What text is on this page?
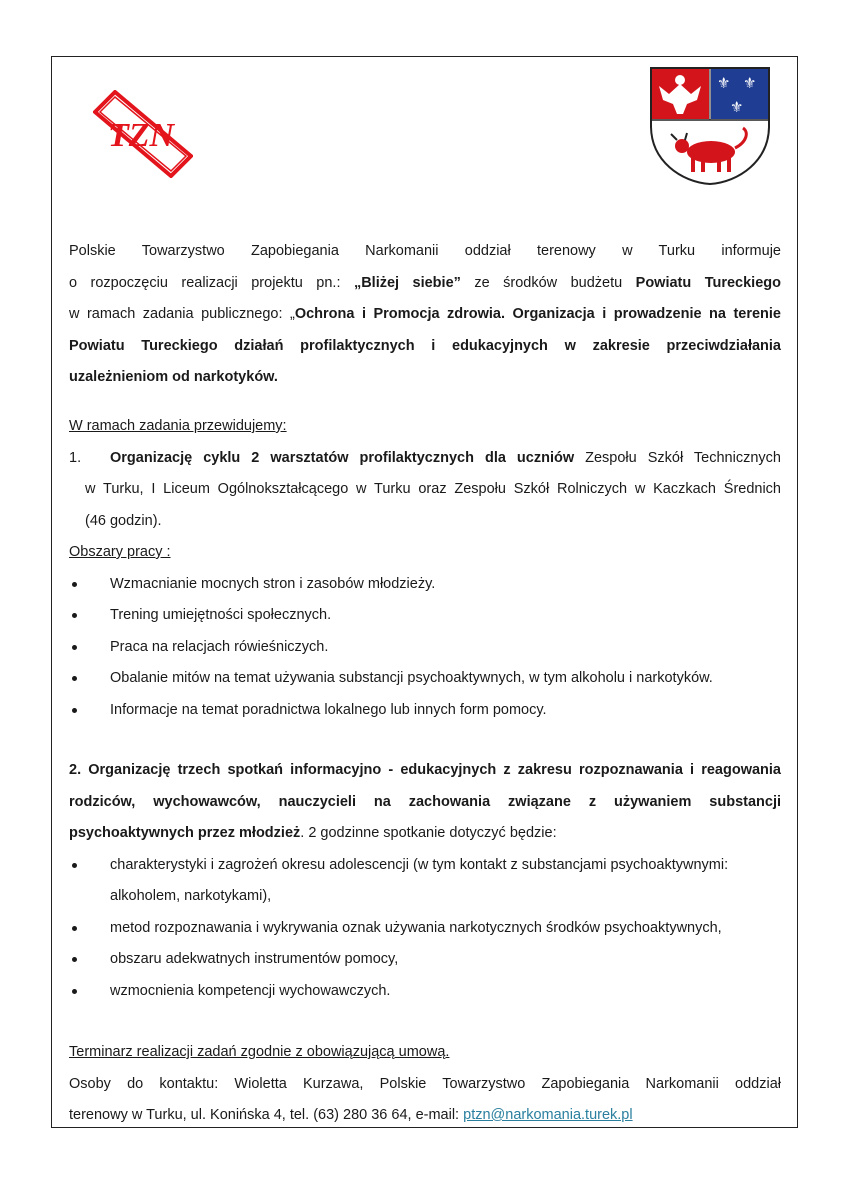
TZN
⚜ ⚜
⚜
Polskie Towarzystwo Zapobiegania Narkomanii oddział terenowy w Turku informuje
o rozpoczęciu realizacji projektu pn.: „Bliżej siebie” ze środków budżetu Powiatu Tureckiego
w ramach zadania publicznego: „Ochrona i Promocja zdrowia. Organizacja i prowadzenie na terenie
Powiatu Tureckiego działań profilaktycznych i edukacyjnych w zakresie przeciwdziałania
uzależnieniom od narkotyków.
W ramach zadania przewidujemy:
1. Organizację cyklu 2 warsztatów profilaktycznych dla uczniów Zespołu Szkół Technicznych
w Turku, I Liceum Ogólnokształcącego w Turku oraz Zespołu Szkół Rolniczych w Kaczkach Średnich
(46 godzin).
Obszary pracy :
Wzmacnianie mocnych stron i zasobów młodzieży.
Trening umiejętności społecznych.
Praca na relacjach rówieśniczych.
Obalanie mitów na temat używania substancji psychoaktywnych, w tym alkoholu i narkotyków.
Informacje na temat poradnictwa lokalnego lub innych form pomocy.
2. Organizację trzech spotkań informacyjno - edukacyjnych z zakresu rozpoznawania i reagowania
rodziców, wychowawców, nauczycieli na zachowania związane z używaniem substancji
psychoaktywnych przez młodzież. 2 godzinne spotkanie dotyczyć będzie:
charakterystyki i zagrożeń okresu adolescencji (w tym kontakt z substancjami psychoaktywnymi:
alkoholem, narkotykami),
metod rozpoznawania i wykrywania oznak używania narkotycznych środków psychoaktywnych,
obszaru adekwatnych instrumentów pomocy,
wzmocnienia kompetencji wychowawczych.
Terminarz realizacji zadań zgodnie z obowiązującą umową.
Osoby do kontaktu: Wioletta Kurzawa, Polskie Towarzystwo Zapobiegania Narkomanii oddział
terenowy w Turku, ul. Konińska 4, tel. (63) 280 36 64, e-mail: ptzn@narkomania.turek.pl
